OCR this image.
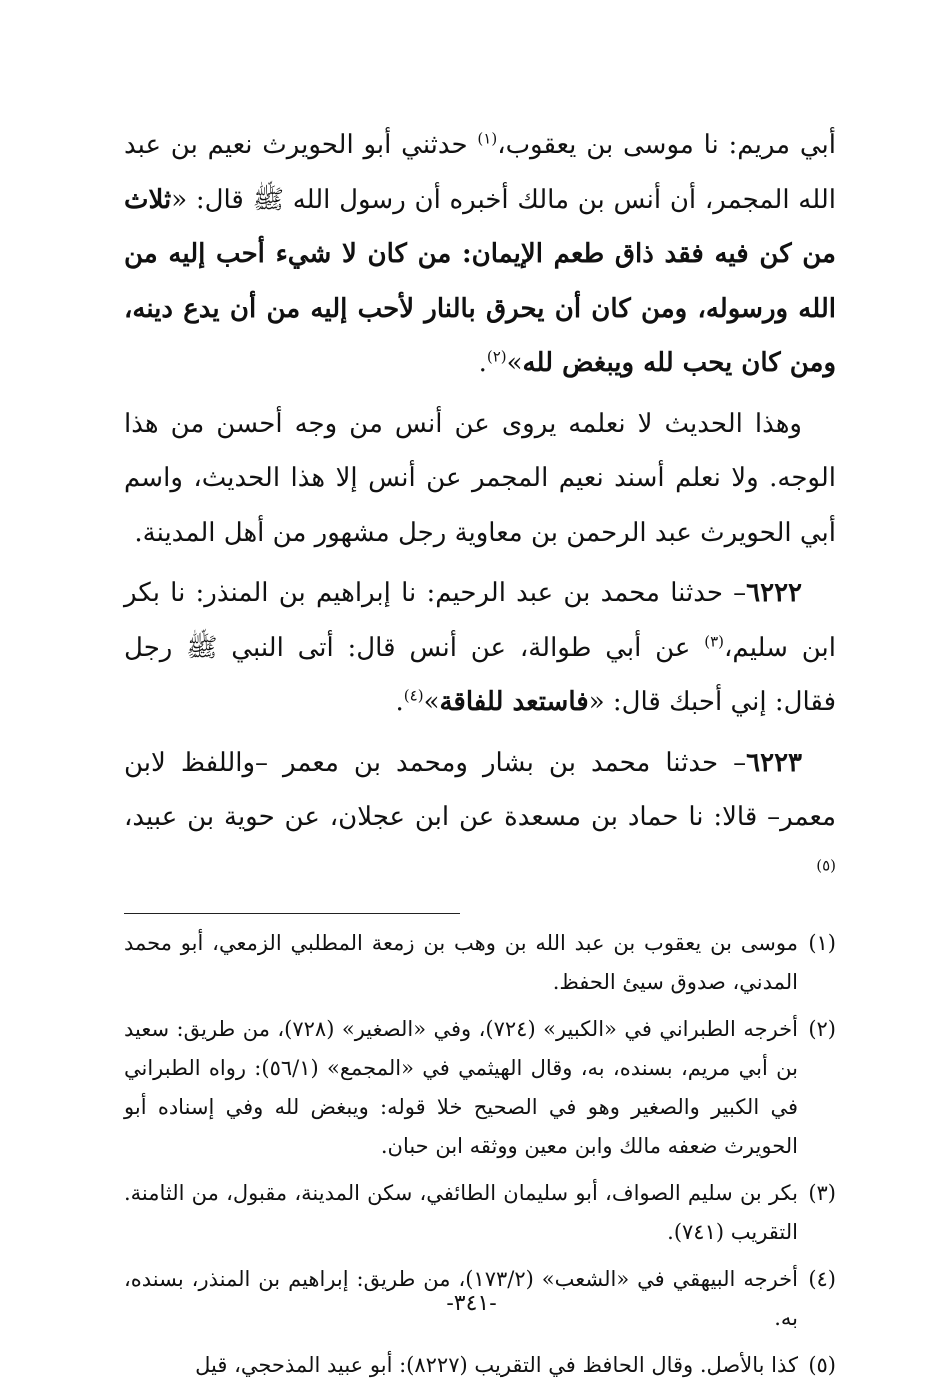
أبي مريم: نا موسى بن يعقوب،$^{(١)}$ حدثني أبو الحويرث نعيم بن عبد الله المجمر، أن أنس بن مالك أخبره أن رسول الله ﷺ قال: «ثلاث من كن فيه فقد ذاق طعم الإيمان: من كان لا شيء أحب إليه من الله ورسوله، ومن كان أن يحرق بالنار لأحب إليه من أن يدع دينه، ومن كان يحب لله ويبغض لله»$^{(٢)}$.

وهذا الحديث لا نعلمه يروى عن أنس من وجه أحسن من هذا الوجه. ولا نعلم أسند نعيم المجمر عن أنس إلا هذا الحديث، واسم أبي الحويرث عبد الرحمن بن معاوية رجل مشهور من أهل المدينة.

٦٢٢٢– حدثنا محمد بن عبد الرحيم: نا إبراهيم بن المنذر: نا بكر ابن سليم،$^{(٣)}$ عن أبي طوالة، عن أنس قال: أتى النبي ﷺ رجل فقال: إني أحبك قال: «فاستعد للفاقة»$^{(٤)}$.

٦٢٢٣– حدثنا محمد بن بشار ومحمد بن معمر –واللفظ لابن معمر– قالا: نا حماد بن مسعدة عن ابن عجلان، عن حوية بن عبيد،$^{(٥)}$

(١)
موسى بن يعقوب بن عبد الله بن وهب بن زمعة المطلبي الزمعي، أبو محمد المدني، صدوق سيئ الحفظ.
(٢)
أخرجه الطبراني في «الكبير» (٧٢٤)، وفي «الصغير» (٧٢٨)، من طريق: سعيد بن أبي مريم، بسنده، به، وقال الهيثمي في «المجمع» (٥٦/١): رواه الطبراني في الكبير والصغير وهو في الصحيح خلا قوله: ويبغض لله وفي إسناده أبو الحويرث ضعفه مالك وابن معين ووثقه ابن حبان.
(٣)
بكر بن سليم الصواف، أبو سليمان الطائفي، سكن المدينة، مقبول، من الثامنة. التقريب (٧٤١).
(٤)
أخرجه البيهقي في «الشعب» (١٧٣/٢)، من طريق: إبراهيم بن المنذر، بسنده، به.
(٥)
كذا بالأصل. وقال الحافظ في التقريب (٨٢٢٧): أبو عبيد المذحجي، قيل
-٣٤١-
